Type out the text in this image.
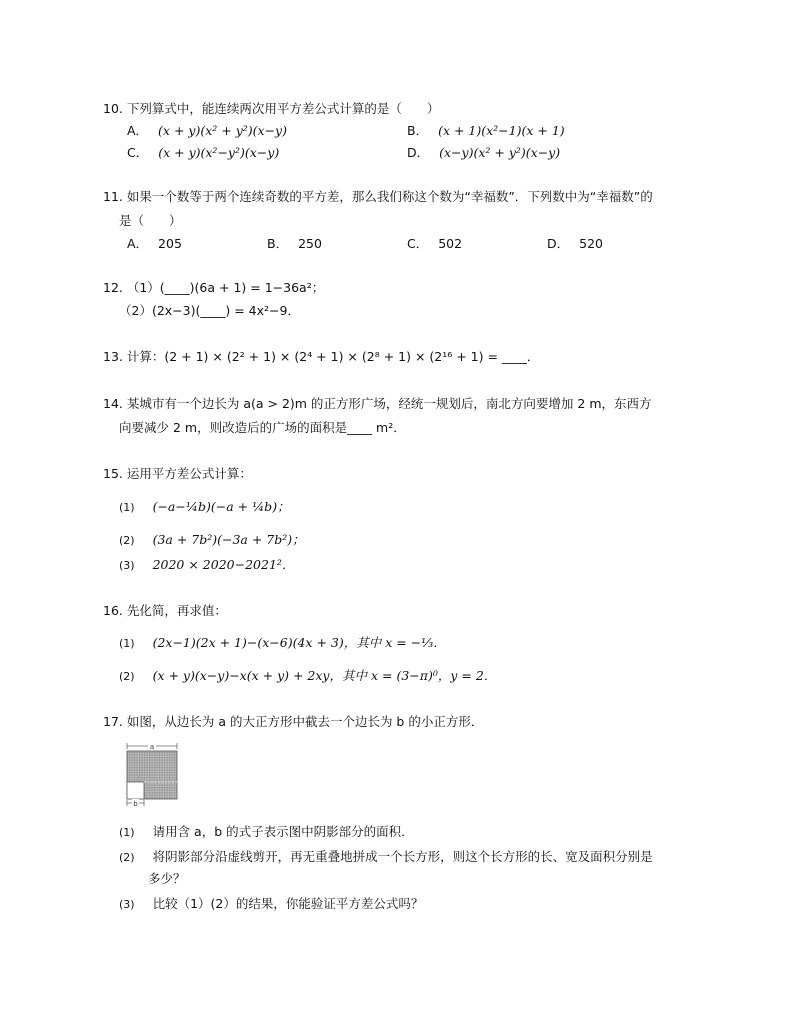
10. 下列算式中，能连续两次用平方差公式计算的是（　　）
A． (x + y)(x² + y²)(x−y)	B． (x + 1)(x²−1)(x + 1)
C． (x + y)(x²−y²)(x−y)	D． (x−y)(x² + y²)(x−y)
11. 如果一个数等于两个连续奇数的平方差，那么我们称这个数为“幸福数”．下列数中为“幸福数”的
是（　　）
A． 205	B． 250	C． 502	D． 520
12. （1）(____)(6a + 1) = 1−36a²；
（2）(2x−3)(____) = 4x²−9．
13. 计算：(2 + 1) × (2² + 1) × (2⁴ + 1) × (2⁸ + 1) × (2¹⁶ + 1) = ____．
14. 某城市有一个边长为 a(a > 2)m 的正方形广场，经统一规划后，南北方向要增加 2 m，东西方
向要减少 2 m，则改造后的广场的面积是____ m²．
15. 运用平方差公式计算：
(1) (−a−¼b)(−a + ¼b)；
(2) (3a + 7b²)(−3a + 7b²)；
(3) 2020 × 2020−2021²．
16. 先化简，再求值：
(1) (2x−1)(2x + 1)−(x−6)(4x + 3)，其中 x = −⅓．
(2) (x + y)(x−y)−x(x + y) + 2xy，其中 x = (3−π)⁰，y = 2．
17. 如图，从边长为 a 的大正方形中截去一个边长为 b 的小正方形．
a
b
(1) 请用含 a，b 的式子表示图中阴影部分的面积．
(2) 将阴影部分沿虚线剪开，再无重叠地拼成一个长方形，则这个长方形的长、宽及面积分别是
多少？
(3) 比较（1）(2）的结果，你能验证平方差公式吗？
